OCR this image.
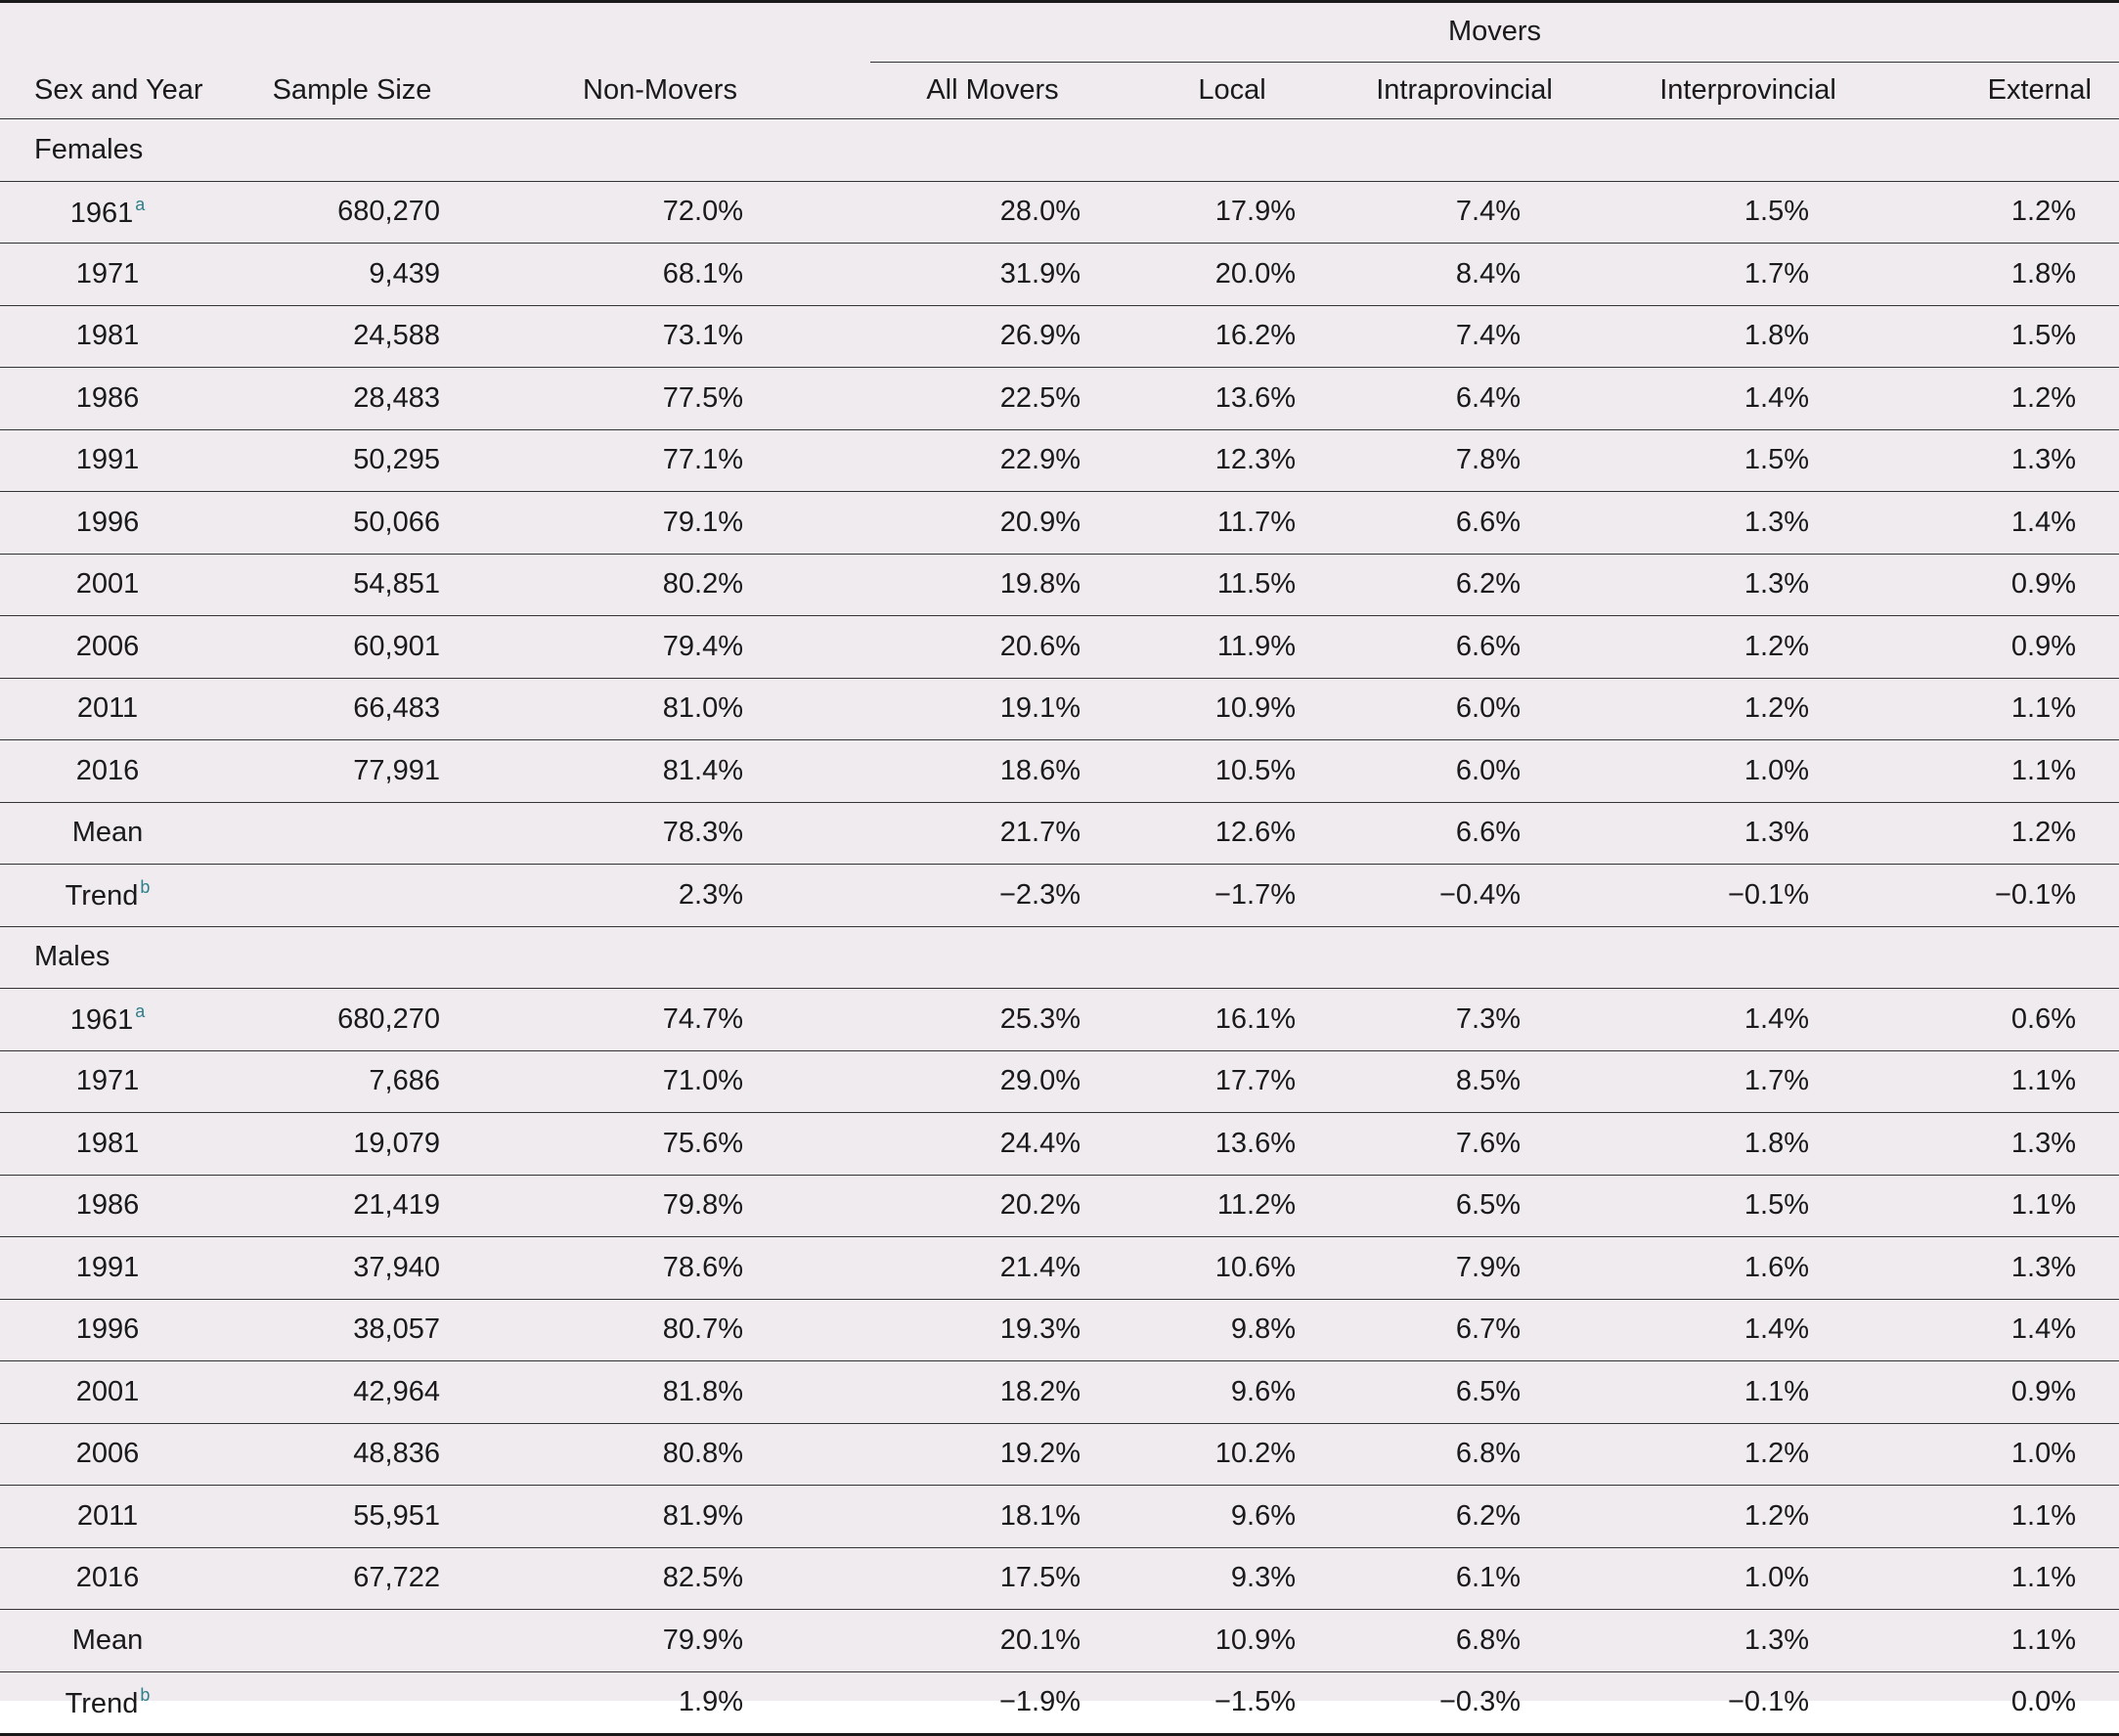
			Movers				
Sex and Year	Sample Size	Non-Movers	All Movers	Local	Intraprovincial	Interprovincial	External
Females							
1961 $^a$	680,270	72.0%	28.0%	17.9%	7.4%	1.5%	1.2%
1971	9,439	68.1%	31.9%	20.0%	8.4%	1.7%	1.8%
1981	24,588	73.1%	26.9%	16.2%	7.4%	1.8%	1.5%
1986	28,483	77.5%	22.5%	13.6%	6.4%	1.4%	1.2%
1991	50,295	77.1%	22.9%	12.3%	7.8%	1.5%	1.3%
1996	50,066	79.1%	20.9%	11.7%	6.6%	1.3%	1.4%
2001	54,851	80.2%	19.8%	11.5%	6.2%	1.3%	0.9%
2006	60,901	79.4%	20.6%	11.9%	6.6%	1.2%	0.9%
2011	66,483	81.0%	19.1%	10.9%	6.0%	1.2%	1.1%
2016	77,991	81.4%	18.6%	10.5%	6.0%	1.0%	1.1%
Mean		78.3%	21.7%	12.6%	6.6%	1.3%	1.2%
Trend $^b$		2.3%	−2.3%	−1.7%	−0.4%	−0.1%	−0.1%
Males							
1961 $^a$	680,270	74.7%	25.3%	16.1%	7.3%	1.4%	0.6%
1971	7,686	71.0%	29.0%	17.7%	8.5%	1.7%	1.1%
1981	19,079	75.6%	24.4%	13.6%	7.6%	1.8%	1.3%
1986	21,419	79.8%	20.2%	11.2%	6.5%	1.5%	1.1%
1991	37,940	78.6%	21.4%	10.6%	7.9%	1.6%	1.3%
1996	38,057	80.7%	19.3%	9.8%	6.7%	1.4%	1.4%
2001	42,964	81.8%	18.2%	9.6%	6.5%	1.1%	0.9%
2006	48,836	80.8%	19.2%	10.2%	6.8%	1.2%	1.0%
2011	55,951	81.9%	18.1%	9.6%	6.2%	1.2%	1.1%
2016	67,722	82.5%	17.5%	9.3%	6.1%	1.0%	1.1%
Mean		79.9%	20.1%	10.9%	6.8%	1.3%	1.1%
Trend $^b$		1.9%	−1.9%	−1.5%	−0.3%	−0.1%	0.0%
